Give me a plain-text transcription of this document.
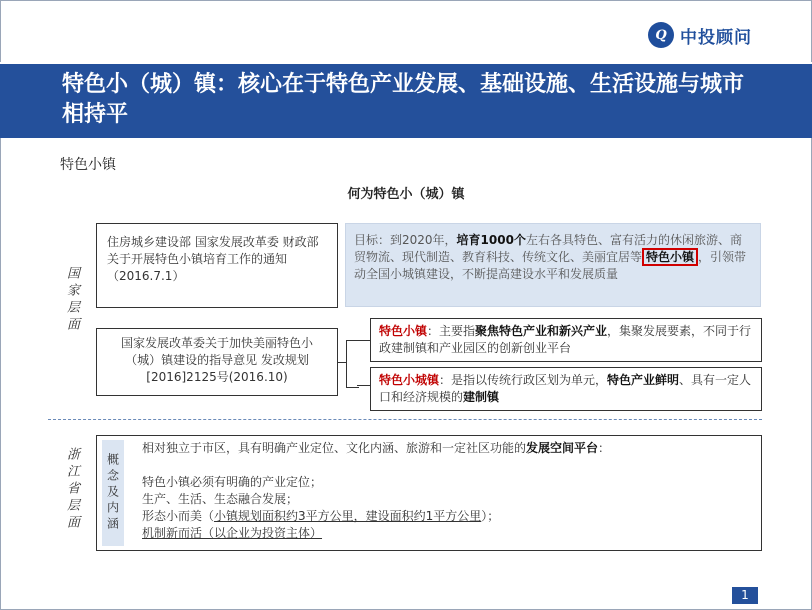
Q 中投顾问
特色小（城）镇：核心在于特色产业发展、基础设施、生活设施与城市相持平
特色小镇
何为特色小（城）镇
国家层面
住房城乡建设部 国家发展改革委 财政部关于开展特色小镇培育工作的通知 （2016.7.1）
目标：到2020年，培育1000个左右各具特色、富有活力的休闲旅游、商贸物流、现代制造、教育科技、传统文化、美丽宜居等 特色小镇 ，引领带动全国小城镇建设，不断提高建设水平和发展质量
国家发展改革委关于加快美丽特色小（城）镇建设的指导意见 发改规划[2016]2125号(2016.10)
特色小镇：主要指聚焦特色产业和新兴产业，集聚发展要素，不同于行政建制镇和产业园区的创新创业平台
特色小城镇：是指以传统行政区划为单元，特色产业鲜明、具有一定人口和经济规模的建制镇
浙江省层面 概念及内涵
相对独立于市区，具有明确产业定位、文化内涵、旅游和一定社区功能的发展空间平台：

特色小镇必须有明确的产业定位；
生产、生活、生态融合发展；
形态小而美（小镇规划面积约3平方公里，建设面积约1平方公里）；
机制新而活（以企业为投资主体）
1
